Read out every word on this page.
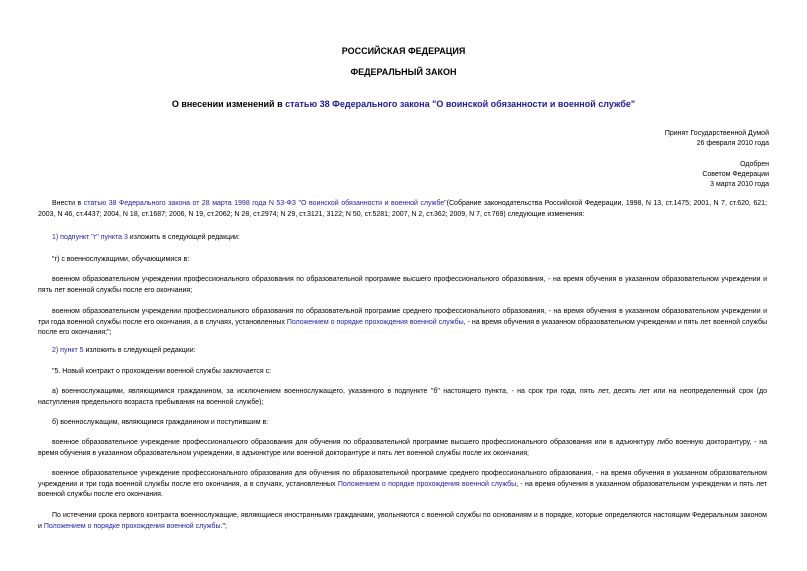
РОССИЙСКАЯ ФЕДЕРАЦИЯ
ФЕДЕРАЛЬНЫЙ ЗАКОН
О внесении изменений в статью 38 Федерального закона "О воинской обязанности и военной службе"
Принят Государственной Думой
26 февраля 2010 года
Одобрен
Советом Федерации
3 марта 2010 года
Внести в статью 38 Федерального закона от 28 марта 1998 года N 53-ФЗ "О воинской обязанности и военной службе"(Собрание законодательства Российской Федерации, 1998, N 13, ст.1475; 2001, N 7, ст.620, 621; 2003, N 46, ст.4437; 2004, N 18, ст.1687; 2006, N 19, ст.2062; N 28, ст.2974; N 29, ст.3121, 3122; N 50, ст.5281; 2007, N 2, ст.362; 2009, N 7, ст.769) следующие изменения:
1) подпункт "г" пункта 3 изложить в следующей редакции:
"г) с военнослужащими, обучающимися в:
военном образовательном учреждении профессионального образования по образовательной программе высшего профессионального образования, - на время обучения в указанном образовательном учреждении и пять лет военной службы после его окончания;
военном образовательном учреждении профессионального образования по образовательной программе среднего профессионального образования, - на время обучения в указанном образовательном учреждении и три года военной службы после его окончания, а в случаях, установленных Положением о порядке прохождения военной службы, - на время обучения в указанном образовательном учреждении и пять лет военной службы после его окончания;";
2) пункт 5 изложить в следующей редакции:
"5. Новый контракт о прохождении военной службы заключается с:
а) военнослужащими, являющимися гражданином, за исключением военнослужащего, указанного в подпункте "б" настоящего пункта, - на срок три года, пять лет, десять лет или на неопределенный срок (до наступления предельного возраста пребывания на военной службе);
б) военнослужащим, являющимся гражданином и поступившим в:
военное образовательное учреждение профессионального образования для обучения по образовательной программе высшего профессионального образования или в адъюнктуру либо военную докторантуру, - на время обучения в указанном образовательном учреждении, в адъюнктуре или военной докторантуре и пять лет военной службы после их окончания;
военное образовательное учреждение профессионального образования для обучения по образовательной программе среднего профессионального образования, - на время обучения в указанном образовательном учреждении и три года военной службы после его окончания, а в случаях, установленных Положением о порядке прохождения военной службы, - на время обучения в указанном образовательном учреждении и пять лет военной службы после его окончания.
По истечении срока первого контракта военнослужащие, являющиеся иностранными гражданами, увольняются с военной службы по основаниям и в порядке, которые определяются настоящим Федеральным законом и Положением о порядке прохождения военной службы.";
